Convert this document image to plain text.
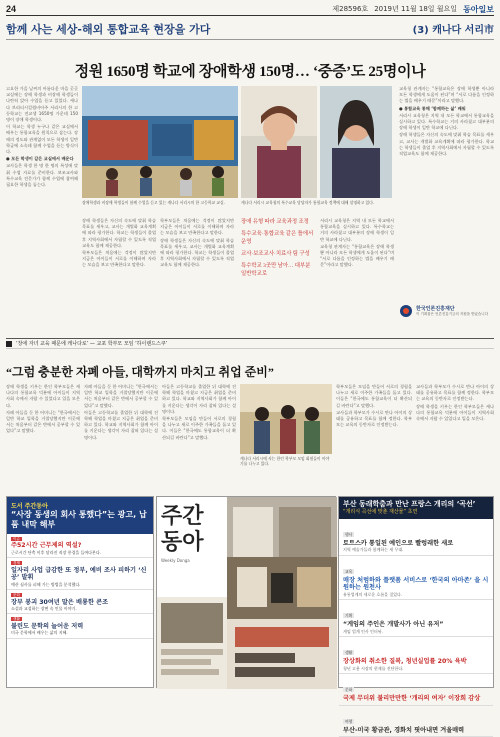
24	제28596호 2019년 11월 18일 월요일 동아일보
함께 사는 세상-해외 통합교육 현장을 가다	(3) 캐나다 서리市
정원 1650명 학교에 장애학생 150명… ‘중증’도 25명이나

고요한 가을 날씨의 아름다운 마을 곳곳 교실에는 장애 학생과 비장애 학생들이 나란히 앉아 수업을 듣고 있었다. 캐나다 브리티시컬럼비아주 서리시의 한 고등학교는 전교생 1650명 가운데 150명이 장애 학생이다.

이 학교는 학생 누구나 같은 교실에서 배우는 통합교육을 원칙으로 삼는다. 장애의 정도와 관계없이 모든 학생이 일반 학급에 소속돼 함께 수업을 듣는 방식이다.

● 모든 학생이 같은 교실에서 배운다

교사들은 학생 한 명 한 명의 특성에 맞춰 수업 자료를 준비한다. 보조교사와 특수교육 전문가가 함께 수업에 참여해 필요한 학생을 돕는다.

장애학생과 비장애 학생들이 함께 수업을 듣고 있는 캐나다 서리시의 한 고등학교 교실.	캐나다 서리시 교육청의 특수교육 담당자가 통합교육 정책에 대해 설명하고 있다.

장애 학생들은 자신의 속도에 맞춰 학습 목표를 세우고, 교사는 개별화 교육계획에 따라 평가한다. 학교는 학생들이 졸업 후 지역사회에서 자립할 수 있도록 직업교육도 함께 제공한다.

학부모들은 처음에는 걱정이 많았지만 지금은 아이들이 서로를 이해하며 자라는 모습을 보고 만족한다고 말한다.

학부모들은 처음에는 걱정이 많았지만 지금은 아이들이 서로를 이해하며 자라는 모습을 보고 만족한다고 말한다.

장애 학생들은 자신의 속도에 맞춰 학습 목표를 세우고, 교사는 개별화 교육계획에 따라 평가한다. 학교는 학생들이 졸업 후 지역사회에서 자립할 수 있도록 직업교육도 함께 제공한다.

장애 유형 따라 교육과정 조정

특수교육·통합교육 같은 틀에서 운영

교사·보조교사·치료사 팀 구성

특수학교 3곳만 남아… 대부분 일반학교로

서리시 교육청은 지역 내 모든 학교에서 통합교육을 실시하고 있다. 특수학교는 거의 사라졌고 대부분의 장애 학생이 일반 학교에 다닌다.

교육청 관계자는 “통합교육은 장애 학생뿐 아니라 모든 학생에게 도움이 된다”며 “서로 다름을 인정하는 법을 배우기 때문”이라고 말했다.

교육청 관계자는 “통합교육은 장애 학생뿐 아니라 모든 학생에게 도움이 된다”며 “서로 다름을 인정하는 법을 배우기 때문”이라고 말했다.

● 통합교육 통해 ‘함께하는 삶’ 배워

서리시 교육청은 지역 내 모든 학교에서 통합교육을 실시하고 있다. 특수학교는 거의 사라졌고 대부분의 장애 학생이 일반 학교에 다닌다.

장애 학생들은 자신의 속도에 맞춰 학습 목표를 세우고, 교사는 개별화 교육계획에 따라 평가한다. 학교는 학생들이 졸업 후 지역사회에서 자립할 수 있도록 직업교육도 함께 제공한다.

한국언론진흥재단
이 기획물은 언론진흥기금의 지원을 받았습니다
‘장애 자녀 교육 때문에 캐나다로’ — 교포 학부모 모임 ‘하이랜드스쿠’
“그럼 충분한 자폐 아들, 대학까지 마치고 취업 준비”

장애 학생을 키우는 한인 학부모들은 캐나다의 통합교육 덕분에 아이들이 지역사회 속에서 자랄 수 있었다고 입을 모은다.

자폐 아들을 둔 한 어머니는 “한국에서는 일반 학교 입학을 거절당했지만 이곳에서는 처음부터 같은 반에서 공부할 수 있었다”고 말했다.

자폐 아들을 둔 한 어머니는 “한국에서는 일반 학교 입학을 거절당했지만 이곳에서는 처음부터 같은 반에서 공부할 수 있었다”고 말했다.

아들은 고등학교를 졸업한 뒤 대학에 진학해 학업을 마쳤고 지금은 취업을 준비하고 있다. 학교와 지역사회가 함께 아이를 키운다는 생각이 자리 잡혀 있다는 설명이다.

아들은 고등학교를 졸업한 뒤 대학에 진학해 학업을 마쳤고 지금은 취업을 준비하고 있다. 학교와 지역사회가 함께 아이를 키운다는 생각이 자리 잡혀 있다는 설명이다.

학부모들은 모임을 만들어 서로의 경험을 나누고 새로 이주한 가족들을 돕고 있다. 이들은 “한국에도 통합교육이 더 확산되길 바란다”고 말했다.

캐나다 서리시에 사는 한인 학부모 모임 회원들이 이야기를 나누고 있다.

학부모들은 모임을 만들어 서로의 경험을 나누고 새로 이주한 가족들을 돕고 있다. 이들은 “한국에도 통합교육이 더 확산되길 바란다”고 말했다.

교사들과 학부모가 수시로 만나 아이의 상태를 공유하고 목표를 함께 정한다. 학부모는 교육의 동반자로 인정받는다.

교사들과 학부모가 수시로 만나 아이의 상태를 공유하고 목표를 함께 정한다. 학부모는 교육의 동반자로 인정받는다.

장애 학생을 키우는 한인 학부모들은 캐나다의 통합교육 덕분에 아이들이 지역사회 속에서 자랄 수 있었다고 입을 모은다.

도서 주간동아
“사장 동생의 회사 통했다”는 광고, 납품 내막 해부
이슈
주52시간 근무제의 역설?
근로시간 단축 이후 달라진 직장 풍경을 들여다본다.
경제
일자리 사업 급감한 또 정부, 예비 조사 피하기 ‘신공’ 발휘
예산 심사를 피해 가는 방법을 분석했다.
문화
장부 봉괴 30여년 말은 배룡한 콘조
소설과 교섭하는 장면 속 인물 이야기.
생활
불린도 문학의 늘어운 저력
미국 문학에서 배우는 삶의 지혜.
주간 동아
Weekly Donga
부산 동래학춤과 만난 프랑스 개리의 ‘곡선’
“개리식 곡선에 맞춘 재산물” 초연
행사
토트스카 통일된 예인으로 빨렁래한 새로
지역 예술가들과 함께하는 새 무대.
교육
매장 처럼하와 플랫폼 서비스로 ‘한국의 아마존’ 을 시원하는 원천사
유통업계의 새로운 흐름을 짚었다.
기획
“게임의 주인은 개발사가 아닌 유저”
게임 업계 인사 인터뷰.
생활
장상화의 취소한 질복, 청년실업률 20% 육박
청년 고용 시장의 현재를 진단한다.
문화
국제 무더위 불리만만한 ‘개리의 여자’ 이장희 감상
여행
부산-미국 황금관, 경화치 핏아내면 겨울매력
